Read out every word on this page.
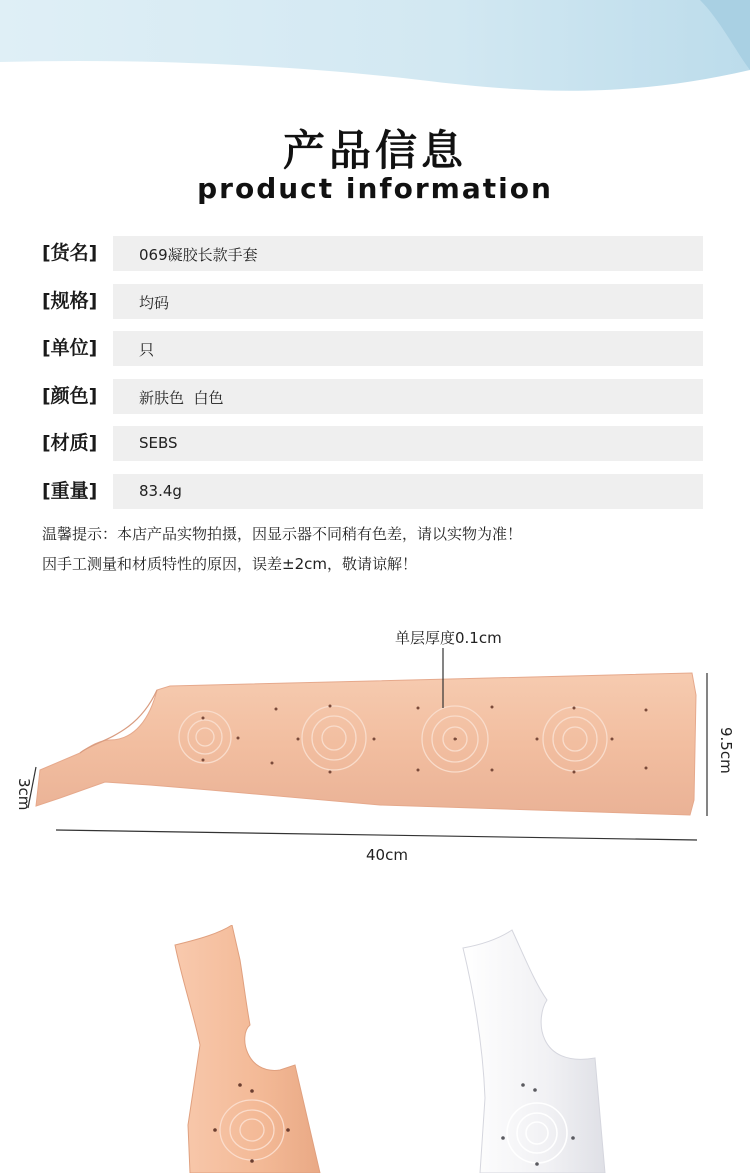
产品信息
product information
[货名]	069凝胶长款手套
[规格]	均码
[单位]	只
[颜色]	新肤色  白色
[材质]	SEBS
[重量]	83.4g
温馨提示：本店产品实物拍摄，因显示器不同稍有色差，请以实物为准！
因手工测量和材质特性的原因，误差±2cm，敬请谅解！
单层厚度0.1cm
40cm
9.5cm
3cm
